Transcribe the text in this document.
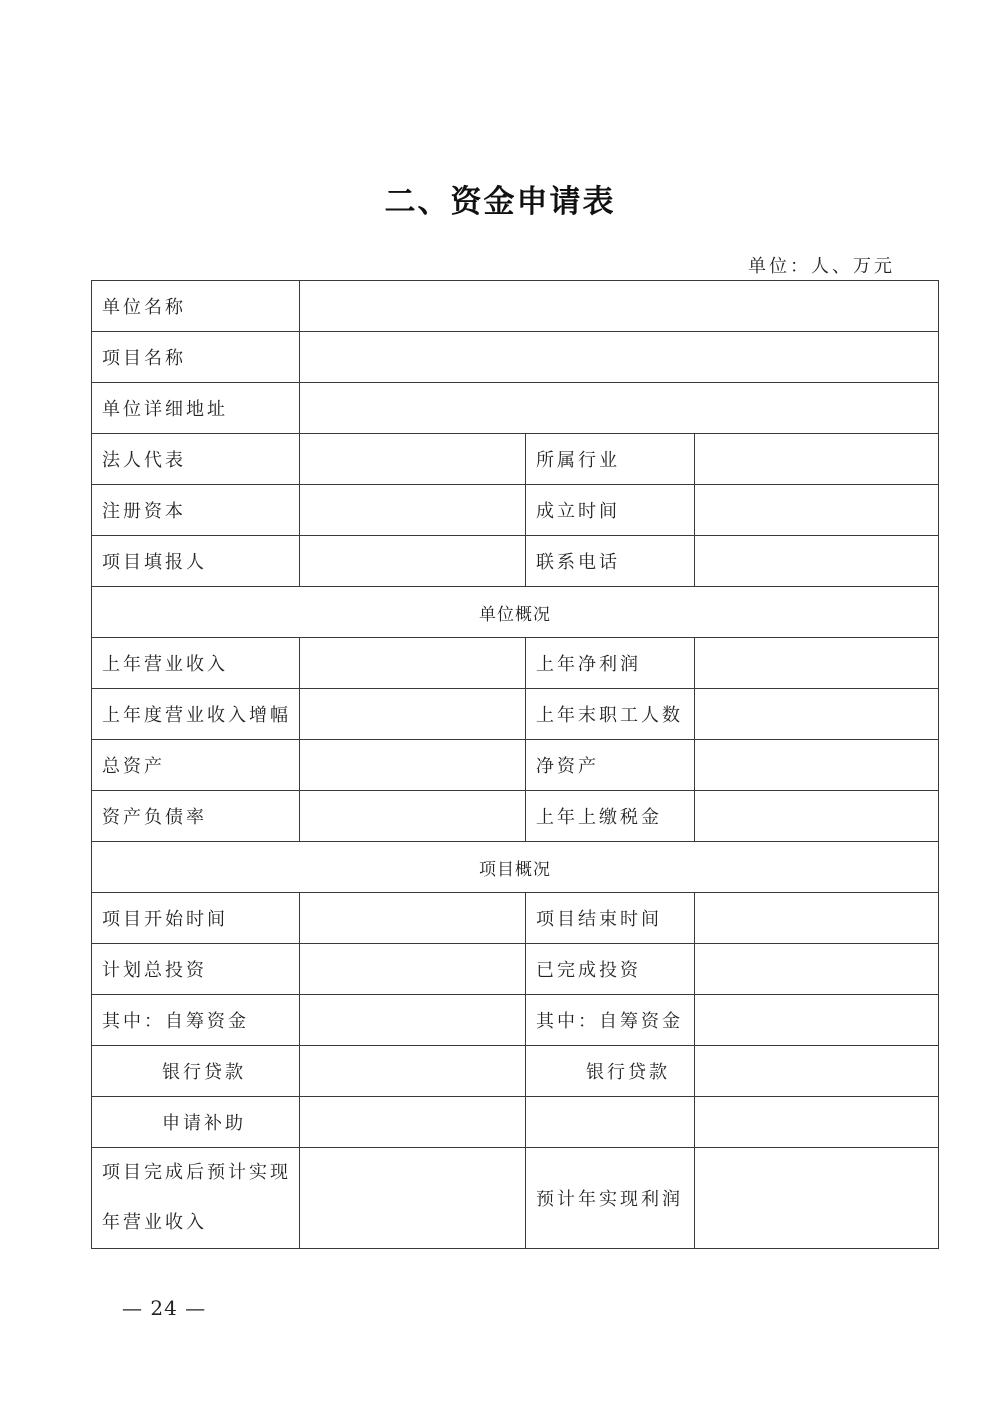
二、资金申请表
单位：人、万元
单位名称			
项目名称			
单位详细地址			
法人代表		所属行业	
注册资本		成立时间	
项目填报人		联系电话	
单位概况			
上年营业收入		上年净利润	
上年度营业收入增幅		上年末职工人数	
总资产		净资产	
资产负债率		上年上缴税金	
项目概况			
项目开始时间		项目结束时间	
计划总投资		已完成投资	
其中：自筹资金		其中：自筹资金	
银行贷款		银行贷款	
申请补助			

项目完成后预计实现
年营业收入		预计年实现利润	
— 24 —
